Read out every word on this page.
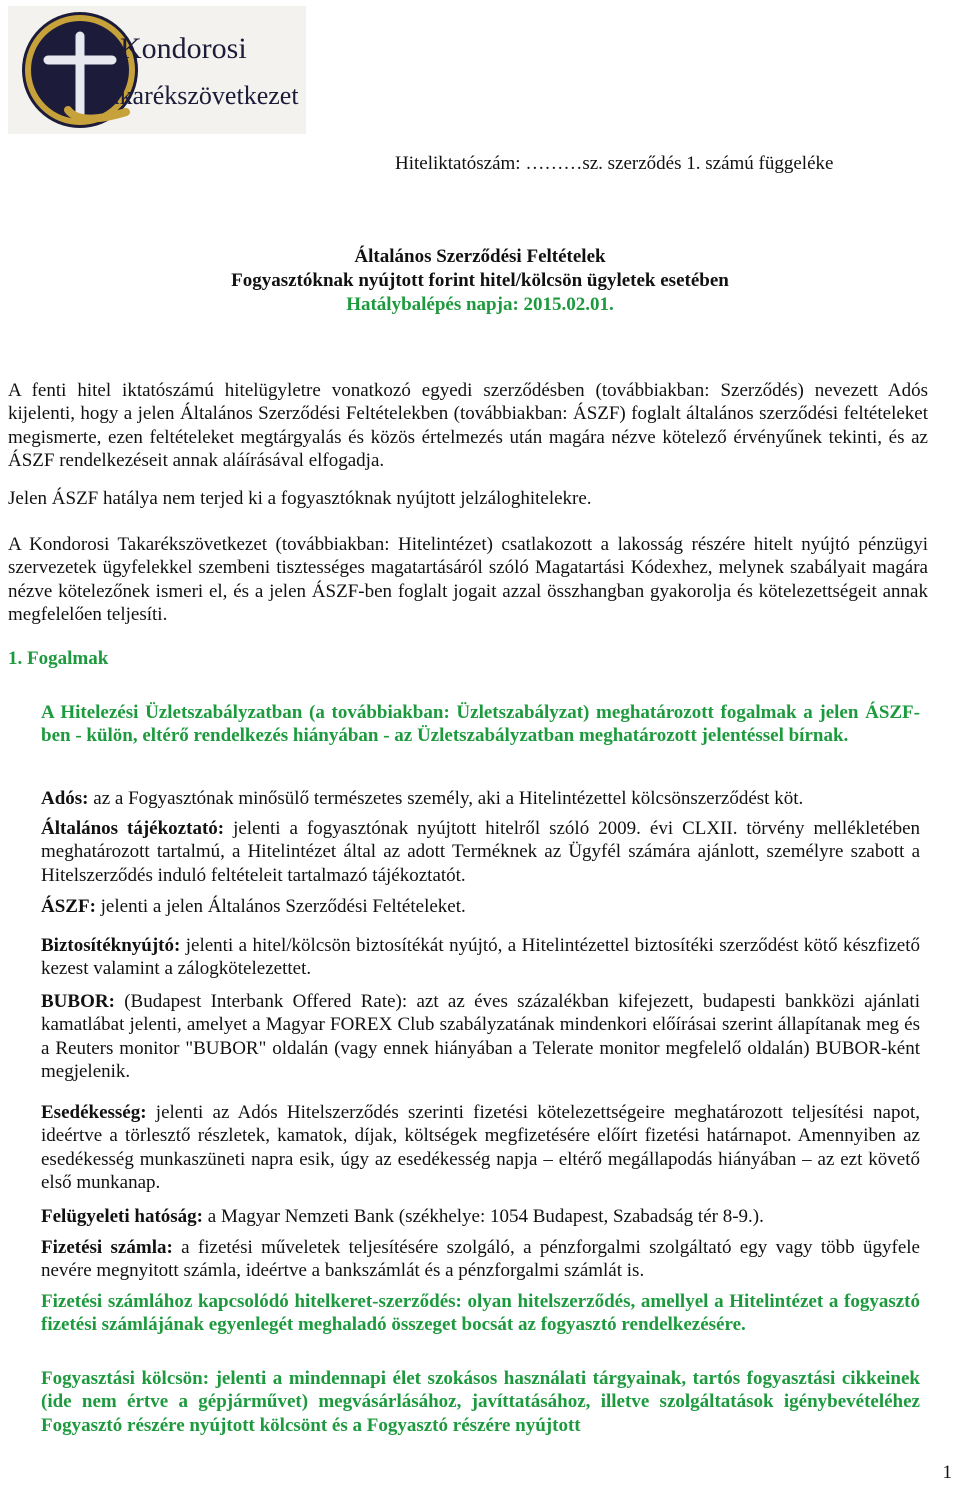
Kondorosi
akarékszövetkezet
Hiteliktatószám: ………sz. szerződés 1. számú függeléke
Általános Szerződési Feltételek
Fogyasztóknak nyújtott forint hitel/kölcsön ügyletek esetében
Hatálybalépés napja: 2015.02.01.

A fenti hitel iktatószámú hitelügyletre vonatkozó egyedi szerződésben (továbbiakban: Szerződés) nevezett Adós kijelenti, hogy a jelen Általános Szerződési Feltételekben (továbbiakban: ÁSZF) foglalt általános szerződési feltételeket megismerte, ezen feltételeket megtárgyalás és közös értelmezés után magára nézve kötelező érvényűnek tekinti, és az ÁSZF rendelkezéseit annak aláírásával elfogadja.

Jelen ÁSZF hatálya nem terjed ki a fogyasztóknak nyújtott jelzáloghitelekre.

A Kondorosi Takarékszövetkezet (továbbiakban: Hitelintézet) csatlakozott a lakosság részére hitelt nyújtó pénzügyi szervezetek ügyfelekkel szembeni tisztességes magatartásáról szóló Magatartási Kódexhez, melynek szabályait magára nézve kötelezőnek ismeri el, és a jelen ÁSZF-ben foglalt jogait azzal összhangban gyakorolja és kötelezettségeit annak megfelelően teljesíti.

1. Fogalmak

A Hitelezési Üzletszabályzatban (a továbbiakban: Üzletszabályzat) meghatározott fogalmak a jelen ÁSZF-ben - külön, eltérő rendelkezés hiányában - az Üzletszabályzatban meghatározott jelentéssel bírnak.

Adós: az a Fogyasztónak minősülő természetes személy, aki a Hitelintézettel kölcsönszerződést köt.

Általános tájékoztató: jelenti a fogyasztónak nyújtott hitelről szóló 2009. évi CLXII. törvény mellékletében meghatározott tartalmú, a Hitelintézet által az adott Terméknek az Ügyfél számára ajánlott, személyre szabott a Hitelszerződés induló feltételeit tartalmazó tájékoztatót.

ÁSZF: jelenti a jelen Általános Szerződési Feltételeket.

Biztosítéknyújtó: jelenti a hitel/kölcsön biztosítékát nyújtó, a Hitelintézettel biztosítéki szerződést kötő készfizető kezest valamint a zálogkötelezettet.

BUBOR: (Budapest Interbank Offered Rate): azt az éves százalékban kifejezett, budapesti bankközi ajánlati kamatlábat jelenti, amelyet a Magyar FOREX Club szabályzatának mindenkori előírásai szerint állapítanak meg és a Reuters monitor "BUBOR" oldalán (vagy ennek hiányában a Telerate monitor megfelelő oldalán) BUBOR-ként megjelenik.

Esedékesség: jelenti az Adós Hitelszerződés szerinti fizetési kötelezettségeire meghatározott teljesítési napot, ideértve a törlesztő részletek, kamatok, díjak, költségek megfizetésére előírt fizetési határnapot. Amennyiben az esedékesség munkaszüneti napra esik, úgy az esedékesség napja – eltérő megállapodás hiányában – az ezt követő első munkanap.

Felügyeleti hatóság: a Magyar Nemzeti Bank (székhelye: 1054 Budapest, Szabadság tér 8-9.).

Fizetési számla: a fizetési műveletek teljesítésére szolgáló, a pénzforgalmi szolgáltató egy vagy több ügyfele nevére megnyitott számla, ideértve a bankszámlát és a pénzforgalmi számlát is.

Fizetési számlához kapcsolódó hitelkeret-szerződés: olyan hitelszerződés, amellyel a Hitelintézet a fogyasztó fizetési számlájának egyenlegét meghaladó összeget bocsát az fogyasztó rendelkezésére.

Fogyasztási kölcsön: jelenti a mindennapi élet szokásos használati tárgyainak, tartós fogyasztási cikkeinek (ide nem értve a gépjárművet) megvásárlásához, javíttatásához, illetve szolgáltatások igénybevételéhez Fogyasztó részére nyújtott kölcsönt és a Fogyasztó részére nyújtott

1
